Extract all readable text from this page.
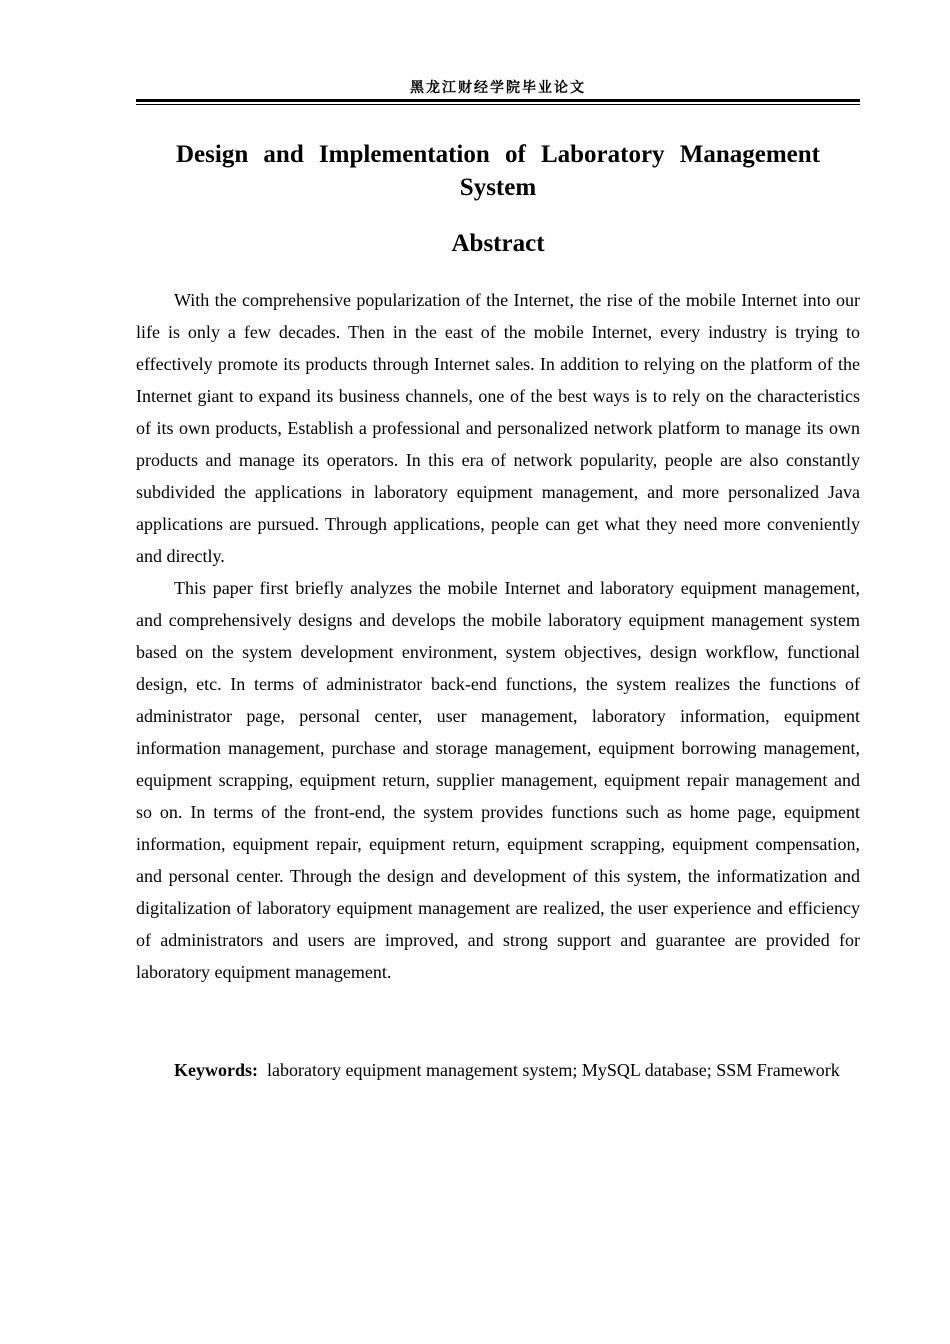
黑龙江财经学院毕业论文
Design and Implementation of Laboratory Management System
Abstract

With the comprehensive popularization of the Internet, the rise of the mobile Internet into our life is only a few decades. Then in the east of the mobile Internet, every industry is trying to effectively promote its products through Internet sales. In addition to relying on the platform of the Internet giant to expand its business channels, one of the best ways is to rely on the characteristics of its own products, Establish a professional and personalized network platform to manage its own products and manage its operators. In this era of network popularity, people are also constantly subdivided the applications in laboratory equipment management, and more personalized Java applications are pursued. Through applications, people can get what they need more conveniently and directly.

This paper first briefly analyzes the mobile Internet and laboratory equipment management, and comprehensively designs and develops the mobile laboratory equipment management system based on the system development environment, system objectives, design workflow, functional design, etc. In terms of administrator back-end functions, the system realizes the functions of administrator page, personal center, user management, laboratory information, equipment information management, purchase and storage management, equipment borrowing management, equipment scrapping, equipment return, supplier management, equipment repair management and so on. In terms of the front-end, the system provides functions such as home page, equipment information, equipment repair, equipment return, equipment scrapping, equipment compensation, and personal center. Through the design and development of this system, the informatization and digitalization of laboratory equipment management are realized, the user experience and efficiency of administrators and users are improved, and strong support and guarantee are provided for laboratory equipment management.

Keywords: laboratory equipment management system; MySQL database; SSM Framework
